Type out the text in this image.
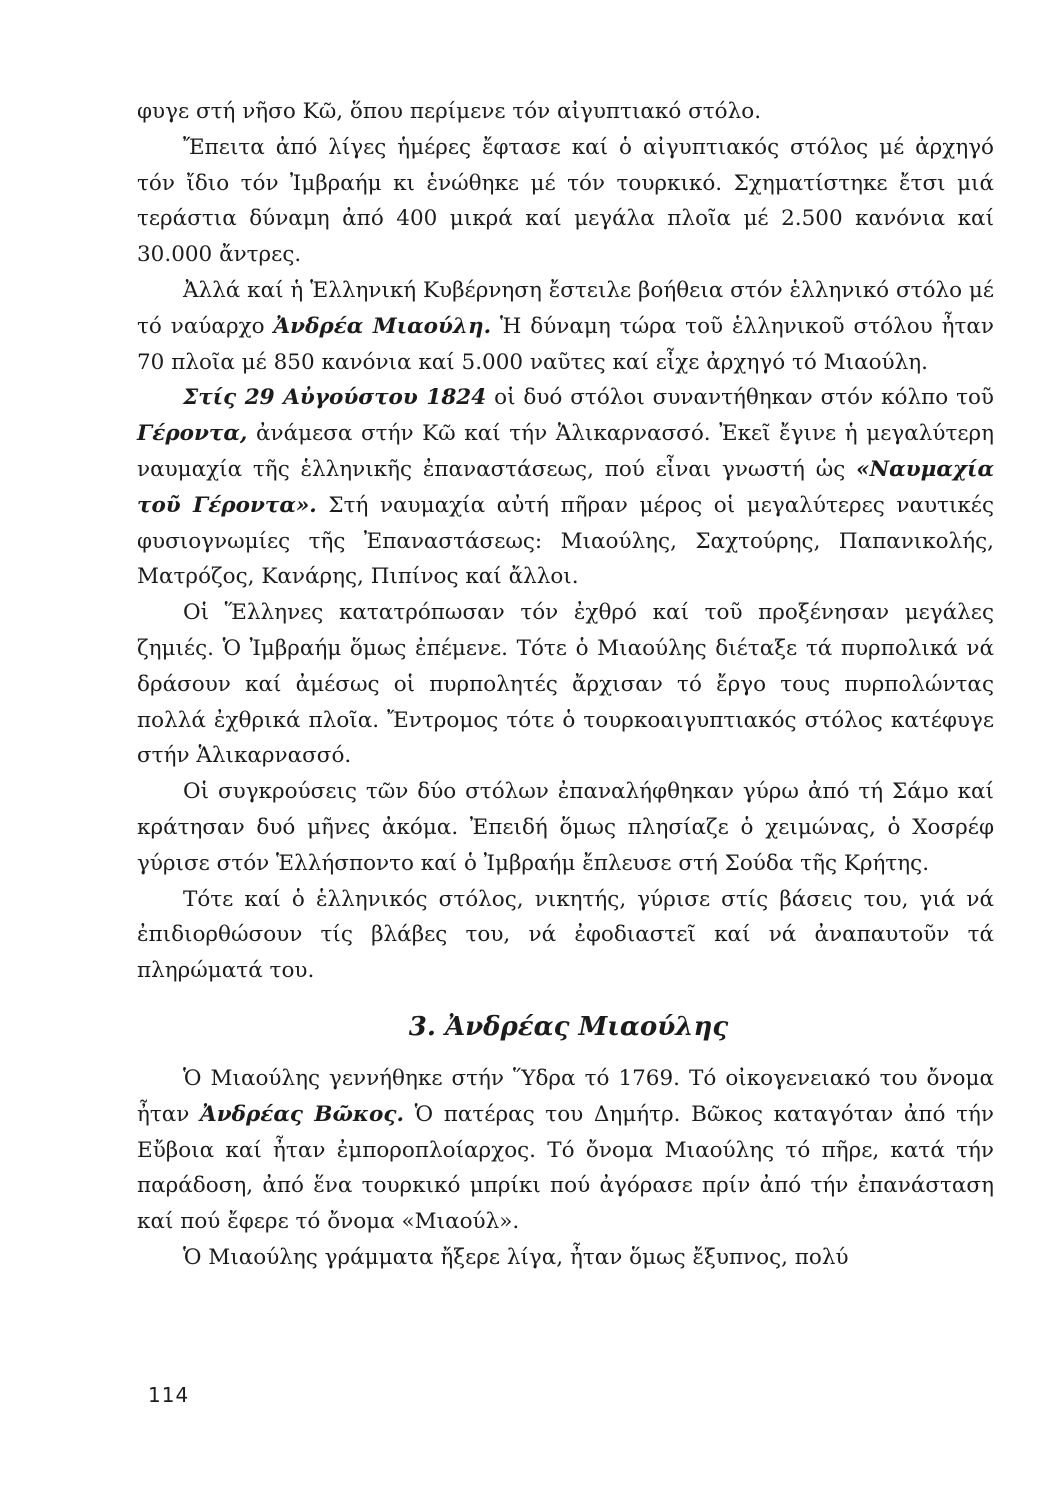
φυγε στή νῆσο Κῶ, ὅπου περίμενε τόν αἰγυπτιακό στόλο.

Ἔπειτα ἀπό λίγες ἡμέρες ἔφτασε καί ὁ αἰγυπτιακός στόλος μέ ἀρχηγό τόν ἴδιο τόν Ἰμβραήμ κι ἑνώθηκε μέ τόν τουρκικό. Σχηματίστηκε ἔτσι μιά τεράστια δύναμη ἀπό 400 μικρά καί μεγάλα πλοῖα μέ 2.500 κανόνια καί 30.000 ἄντρες.

Ἀλλά καί ἡ Ἑλληνική Κυβέρνηση ἔστειλε βοήθεια στόν ἑλληνικό στόλο μέ τό ναύαρχο Ἀνδρέα Μιαούλη. Ἡ δύναμη τώρα τοῦ ἑλληνικοῦ στόλου ἦταν 70 πλοῖα μέ 850 κανόνια καί 5.000 ναῦτες καί εἶχε ἀρχηγό τό Μιαούλη.

Στίς 29 Αὐγούστου 1824 οἱ δυό στόλοι συναντήθηκαν στόν κόλπο τοῦ Γέροντα, ἀνάμεσα στήν Κῶ καί τήν Ἁλικαρνασσό. Ἐκεῖ ἔγινε ἡ μεγαλύτερη ναυμαχία τῆς ἑλληνικῆς ἐπαναστάσεως, πού εἶναι γνωστή ὡς «Ναυμαχία τοῦ Γέροντα». Στή ναυμαχία αὐτή πῆραν μέρος οἱ μεγαλύτερες ναυτικές φυσιογνωμίες τῆς Ἐπαναστάσεως: Μιαούλης, Σαχτούρης, Παπανικολής, Ματρόζος, Κανάρης, Πιπίνος καί ἄλλοι.

Οἱ Ἕλληνες κατατρόπωσαν τόν ἐχθρό καί τοῦ προξένησαν μεγάλες ζημιές. Ὁ Ἰμβραήμ ὅμως ἐπέμενε. Τότε ὁ Μιαούλης διέταξε τά πυρπολικά νά δράσουν καί ἀμέσως οἱ πυρπολητές ἄρχισαν τό ἔργο τους πυρπολώντας πολλά ἐχθρικά πλοῖα. Ἔντρομος τότε ὁ τουρκοαιγυπτιακός στόλος κατέφυγε στήν Ἁλικαρνασσό.

Οἱ συγκρούσεις τῶν δύο στόλων ἐπαναλήφθηκαν γύρω ἀπό τή Σάμο καί κράτησαν δυό μῆνες ἀκόμα. Ἐπειδή ὅμως πλησίαζε ὁ χειμώνας, ὁ Χοσρέφ γύρισε στόν Ἑλλήσποντο καί ὁ Ἰμβραήμ ἔπλευσε στή Σούδα τῆς Κρήτης.

Τότε καί ὁ ἑλληνικός στόλος, νικητής, γύρισε στίς βάσεις του, γιά νά ἐπιδιορθώσουν τίς βλάβες του, νά ἐφοδιαστεῖ καί νά ἀναπαυτοῦν τά πληρώματά του.

3. Ἀνδρέας Μιαούλης

Ὁ Μιαούλης γεννήθηκε στήν Ὕδρα τό 1769. Τό οἰκογενειακό του ὄνομα ἦταν Ἀνδρέας Βῶκος. Ὁ πατέρας του Δημήτρ. Βῶκος καταγόταν ἀπό τήν Εὔβοια καί ἦταν ἐμποροπλοίαρχος. Τό ὄνομα Μιαούλης τό πῆρε, κατά τήν παράδοση, ἀπό ἕνα τουρκικό μπρίκι πού ἀγόρασε πρίν ἀπό τήν ἐπανάσταση καί πού ἔφερε τό ὄνομα «Μιαούλ».

Ὁ Μιαούλης γράμματα ἤξερε λίγα, ἦταν ὅμως ἔξυπνος, πολύ

114
